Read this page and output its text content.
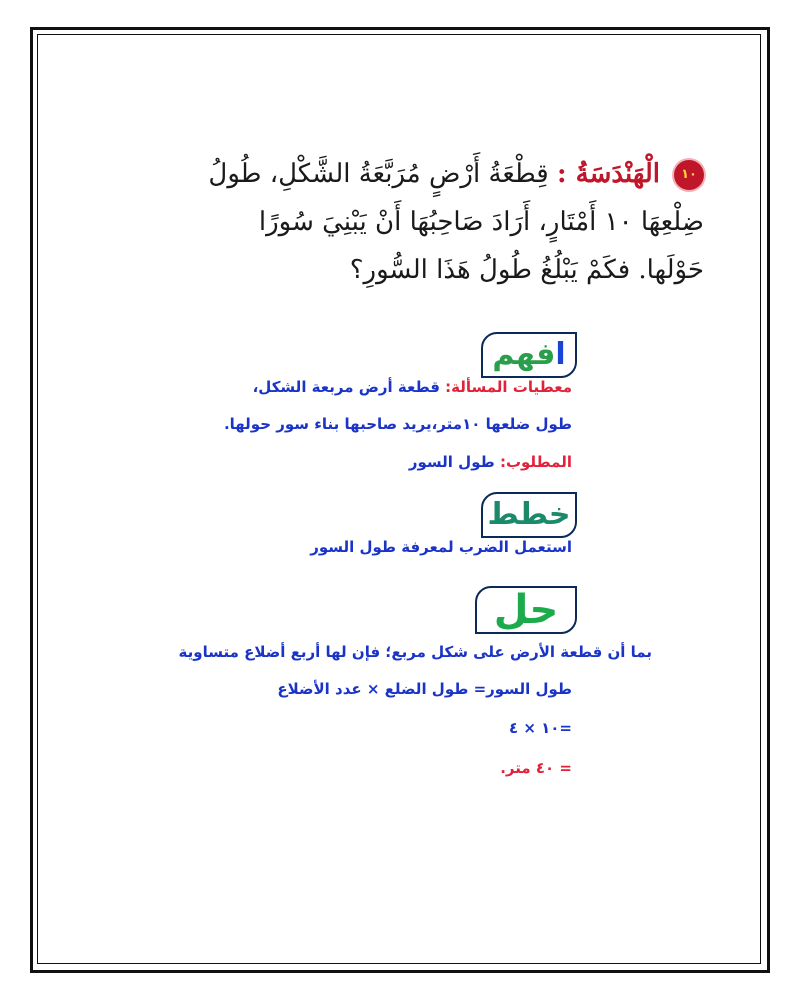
١٠الْهَنْدَسَةُ : قِطْعَةُ أَرْضٍ مُرَبَّعَةُ الشَّكْلِ، طُولُ
ضِلْعِهَا ١٠ أَمْتَارٍ، أَرَادَ صَاحِبُهَا أَنْ يَبْنِيَ سُورًا
حَوْلَها. فكَمْ يَبْلُغُ طُولُ هَذَا السُّورِ؟
افهم
معطيات المسألة: قطعة أرض مربعة الشكل،
طول ضلعها ١٠متر،يريد صاحبها بناء سور حولها.
المطلوب: طول السور
خطط
استعمل الضرب لمعرفة طول السور
حل
بما أن قطعة الأرض على شكل مربع؛ فإن لها أربع أضلاع متساوية
طول السور= طول الضلع × عدد الأضلاع
=١٠ × ٤
= ٤٠ متر.
